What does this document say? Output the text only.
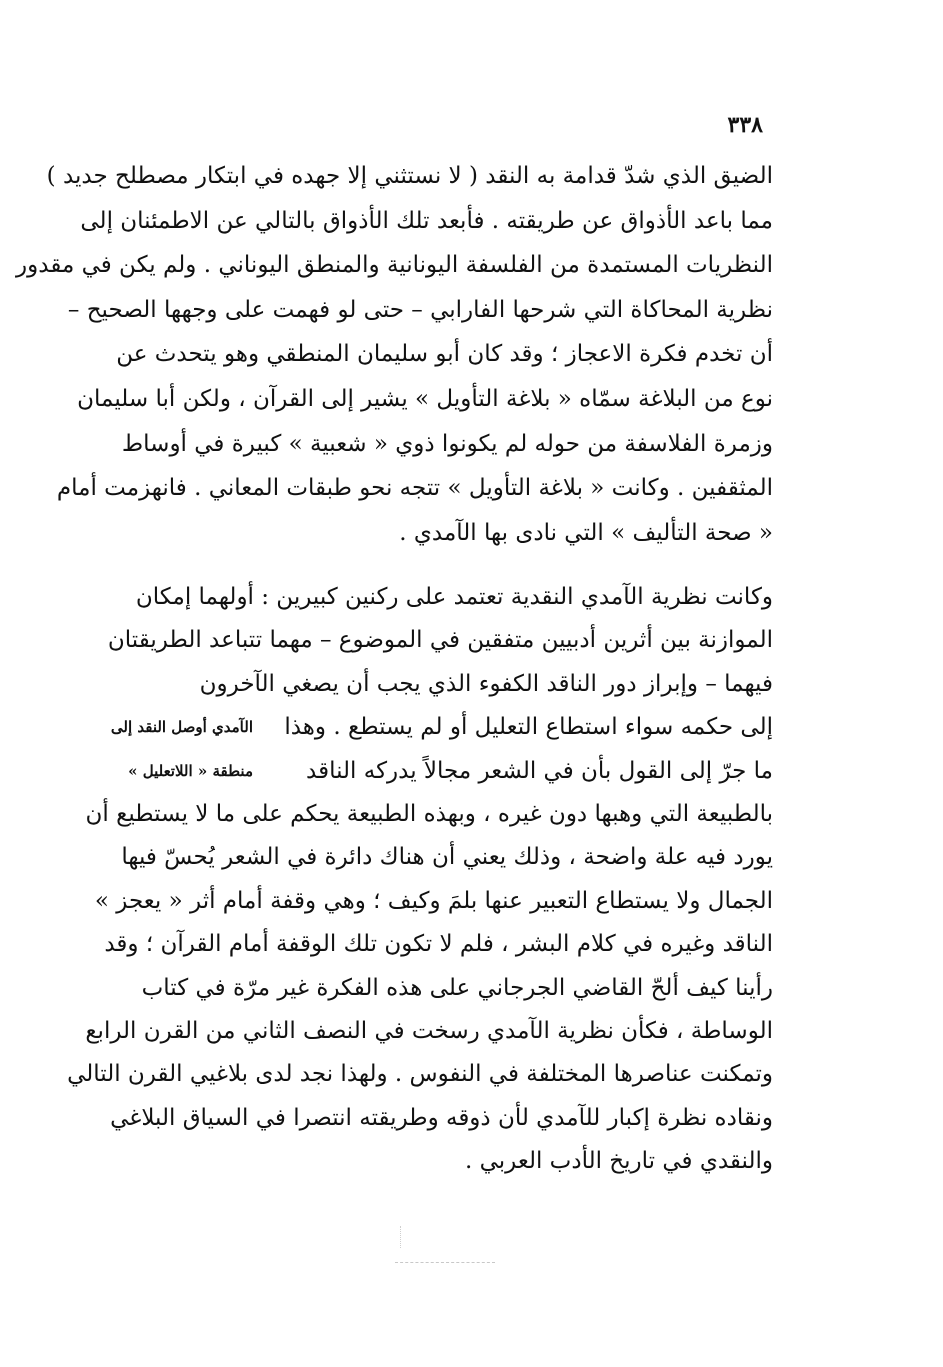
٣٣٨
الضيق الذي شدّ قدامة به النقد ( لا نستثني إلا جهده في ابتكار مصطلح جديد )
مما باعد الأذواق عن طريقته . فأبعد تلك الأذواق بالتالي عن الاطمئنان إلى
النظريات المستمدة من الفلسفة اليونانية والمنطق اليوناني . ولم يكن في مقدور
نظرية المحاكاة التي شرحها الفارابي – حتى لو فهمت على وجهها الصحيح –
أن تخدم فكرة الاعجاز ؛ وقد كان أبو سليمان المنطقي وهو يتحدث عن
نوع من البلاغة سمّاه « بلاغة التأويل » يشير إلى القرآن ، ولكن أبا سليمان
وزمرة الفلاسفة من حوله لم يكونوا ذوي « شعبية » كبيرة في أوساط
المثقفين . وكانت « بلاغة التأويل » تتجه نحو طبقات المعاني . فانهزمت أمام
« صحة التأليف » التي نادى بها الآمدي .
وكانت نظرية الآمدي النقدية تعتمد على ركنين كبيرين : أولهما إمكان
الموازنة بين أثرين أدبيين متفقين في الموضوع – مهما تتباعد الطريقتان
فيهما – وإبراز دور الناقد الكفوء الذي يجب أن يصغي الآخرون
إلى حكمه سواء استطاع التعليل أو لم يستطع . وهذا
الآمدي أوصل النقد إلى
ما جرّ إلى القول بأن في الشعر مجالاً يدركه الناقد
منطقة « اللاتعليل »
بالطبيعة التي وهبها دون غيره ، وبهذه الطبيعة يحكم على ما لا يستطيع أن
يورد فيه علة واضحة ، وذلك يعني أن هناك دائرة في الشعر يُحسّ فيها
الجمال ولا يستطاع التعبير عنها بلمَ وكيف ؛ وهي وقفة أمام أثر « يعجز »
الناقد وغيره في كلام البشر ، فلم لا تكون تلك الوقفة أمام القرآن ؛ وقد
رأينا كيف ألحّ القاضي الجرجاني على هذه الفكرة غير مرّة في كتاب
الوساطة ، فكأن نظرية الآمدي رسخت في النصف الثاني من القرن الرابع
وتمكنت عناصرها المختلفة في النفوس . ولهذا نجد لدى بلاغيي القرن التالي
ونقاده نظرة إكبار للآمدي لأن ذوقه وطريقته انتصرا في السياق البلاغي
والنقدي في تاريخ الأدب العربي .
